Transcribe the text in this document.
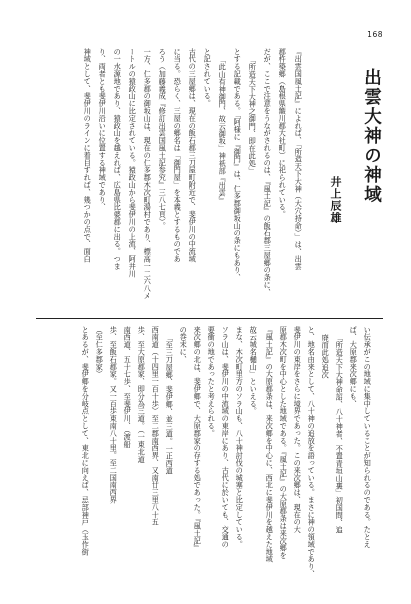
168
出雲大神の神域
井上辰雄
『出雲国風土記』によれば、「所造天下大神（大穴持命）」は、出雲
郡杵築郷（島根県簸川郡大社町）に祀られている。
だが、ここで注意をうながされるのは、『風土記』の飯石郡三屋郷の条に、
「所造天下大神之御門、即在此処」
とする記載である。「阿様に『御門』は、仁多郡御坂山の条にもあり、
「此山有神御門、故云御坂」神祇部『出雲』
と記されている。
古代の三屋郷は、現在の飯石郡三刀屋町附近で、斐伊川の中流域
に当る。恐らく、三屋の郷名は「御門屋」を本義とするものであ
ろう（加藤義成『修訂出雲国風土記参究』三八七頁）。
一方、仁多郡の御坂山は、現在の仁多郡木次町湯村であり、標高一二六八メ
ートルの猿政山に比定されている。猿政山から斐伊川の上流、阿井川
の一水源地であり、猿政山を越えれば、広島県比婆郡に出る。つま
り、両者とも斐伊川沿いに位置する神域であり、
神域として、斐伊川のラインに着目すれば、幾つかの点で、面白
い伝承がこの地域に集中していることが知られるのである。たとえ
ば、大原郡来次郷にも、
「所造天下大神命詔、八十神者、不置青垣山裏」初国問、追
廃而此処追次
と、地名由来として、八十神の追放を語っている。まさに神の領域であり、
斐伊川の東岸をさらに境界であった。この来次郷は、現在の大
原郡木次町を中心とした地域である。『風土記』の大原郡条は来次郷を
『風土記』の大原郡条は、来次郷を中心に、西北に斐伊川を越えた地域
故云城名樋山」といえる。
まな、木次町里方のソラ山も、八十神討伐の城塞と比定している。
ソラ山は、斐伊川の中流域の東岸にあり、古代に於いても、交通の
要衝の地であったと考えられる。
来次郷の北は、斐伊郷で、大原郡家の存する処であった。『風土記』
の巻末に、
「至三刀屋郷、斐伊郷、並三道。一正西道
西南道（十四里一百十歩）至二郡南西界、又南廿三里八十五
歩、至大原郡家、即分為三道。（一東北道
南西道、五十七歩、至斐伊川、（渡船
歩、至飯石郡家。又一百歩東南八十里。至二国南西界
（至仁多郡家）
とあるが、斐伊郷を分岐点として、東北に向えば、忌部神戸（玉作街
